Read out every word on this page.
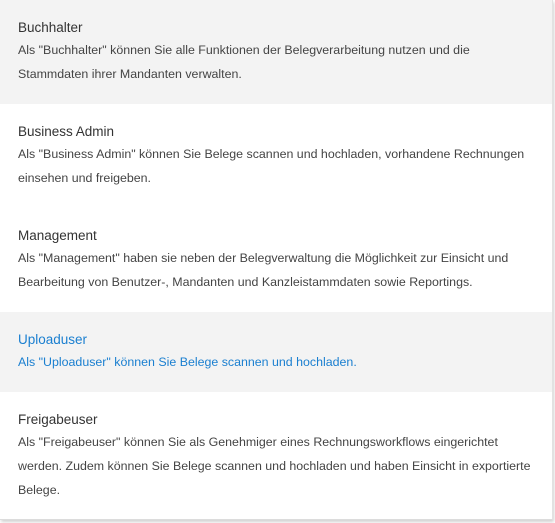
Buchhalter
Als "Buchhalter" können Sie alle Funktionen der Belegverarbeitung nutzen und die Stammdaten ihrer Mandanten verwalten.
Business Admin
Als "Business Admin" können Sie Belege scannen und hochladen, vorhandene Rechnungen einsehen und freigeben.
Management
Als "Management" haben sie neben der Belegverwaltung die Möglichkeit zur Einsicht und Bearbeitung von Benutzer-, Mandanten und Kanzleistammdaten sowie Reportings.
Uploaduser
Als "Uploaduser" können Sie Belege scannen und hochladen.
Freigabeuser
Als "Freigabeuser" können Sie als Genehmiger eines Rechnungsworkflows eingerichtet werden. Zudem können Sie Belege scannen und hochladen und haben Einsicht in exportierte Belege.
